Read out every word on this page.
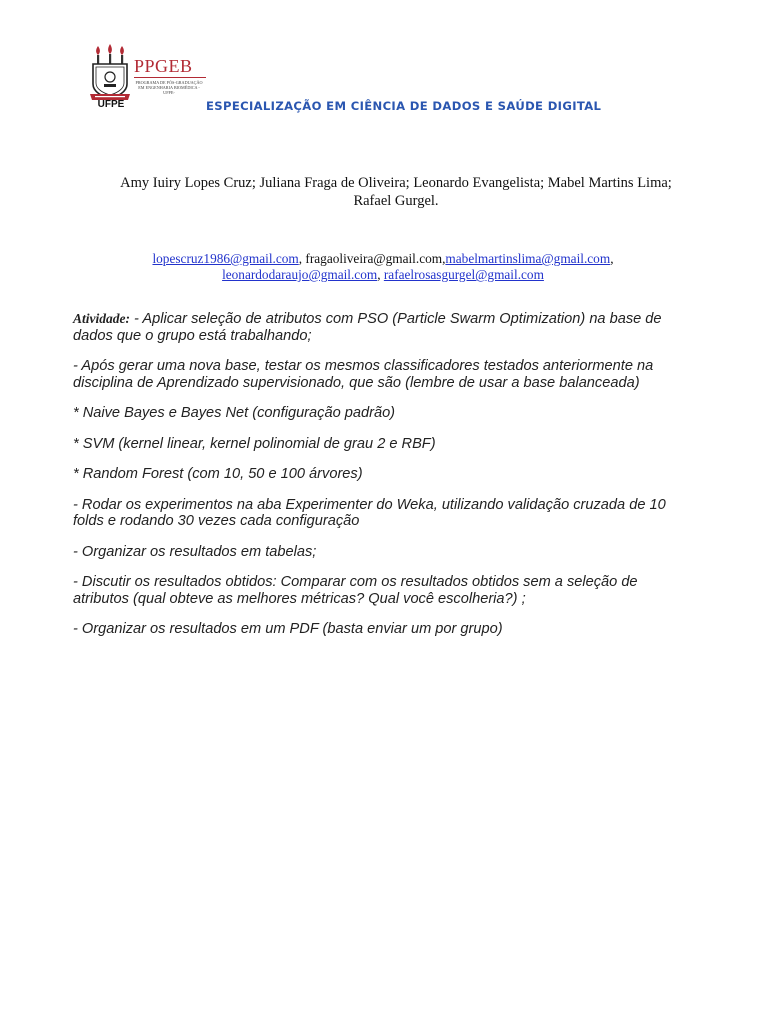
PPGEB
PROGRAMA DE PÓS-GRADUAÇÃO EM ENGENHARIA BIOMÉDICA -UFPE-
UFPE	ESPECIALIZAÇÃO EM CIÊNCIA DE DADOS E SAÚDE DIGITAL
Amy Iuiry Lopes Cruz; Juliana Fraga de Oliveira; Leonardo Evangelista; Mabel Martins Lima;
Rafael Gurgel.
lopescruz1986@gmail.com, fragaoliveira@gmail.com,mabelmartinslima@gmail.com,
leonardodaraujo@gmail.com, rafaelrosasgurgel@gmail.com

Atividade: - Aplicar seleção de atributos com PSO (Particle Swarm Optimization) na base de dados que o grupo está trabalhando;

- Após gerar uma nova base, testar os mesmos classificadores testados anteriormente na disciplina de Aprendizado supervisionado, que são (lembre de usar a base balanceada)

* Naive Bayes e Bayes Net (configuração padrão)

* SVM (kernel linear, kernel polinomial de grau 2 e RBF)

* Random Forest (com 10, 50 e 100 árvores)

- Rodar os experimentos na aba Experimenter do Weka, utilizando validação cruzada de 10 folds e rodando 30 vezes cada configuração

- Organizar os resultados em tabelas;

- Discutir os resultados obtidos: Comparar com os resultados obtidos sem a seleção de atributos (qual obteve as melhores métricas? Qual você escolheria?) ;

- Organizar os resultados em um PDF (basta enviar um por grupo)
